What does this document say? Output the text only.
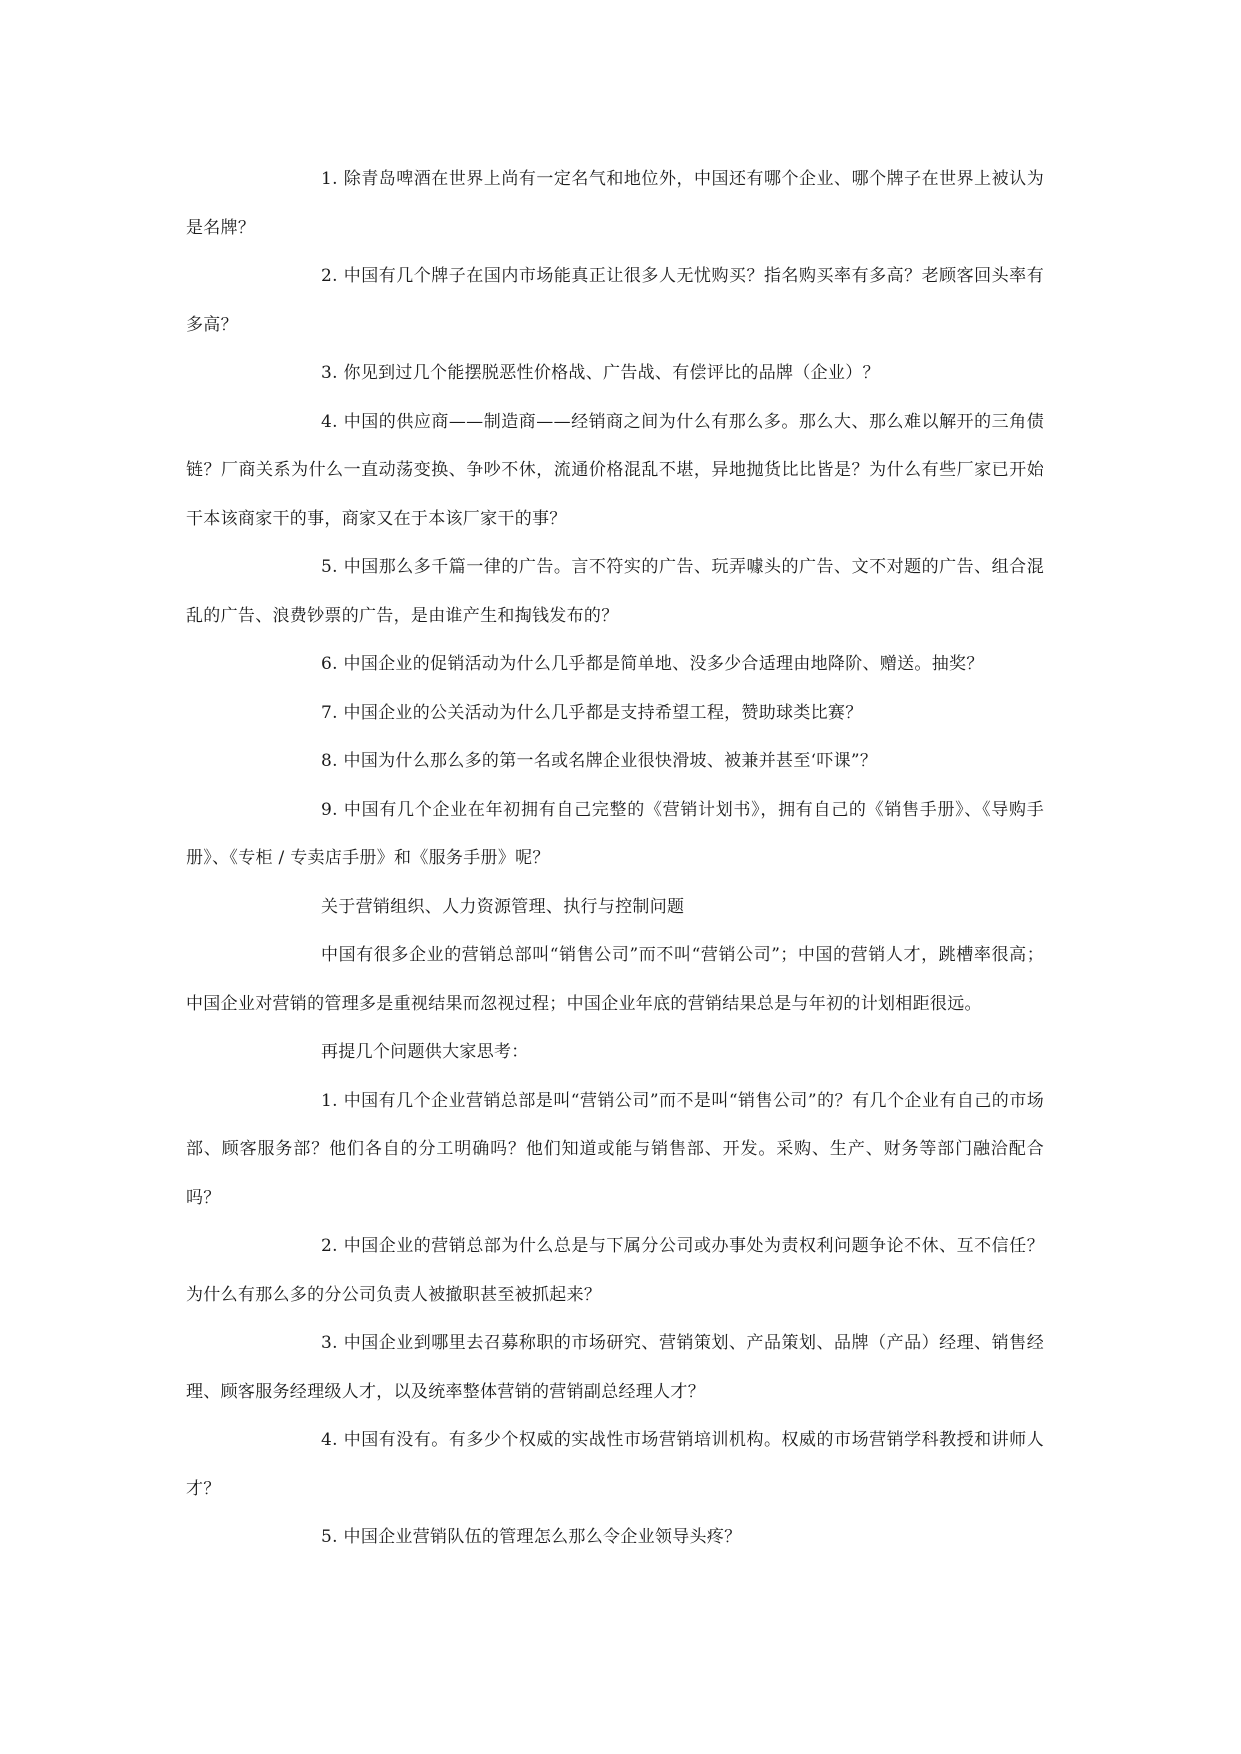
1. 除青岛啤酒在世界上尚有一定名气和地位外，中国还有哪个企业、哪个牌子在世界上被认为是名牌？

2. 中国有几个牌子在国内市场能真正让很多人无忧购买？指名购买率有多高？老顾客回头率有多高？

3. 你见到过几个能摆脱恶性价格战、广告战、有偿评比的品牌（企业）？

4. 中国的供应商——制造商——经销商之间为什么有那么多。那么大、那么难以解开的三角债链？厂商关系为什么一直动荡变换、争吵不休，流通价格混乱不堪，异地抛货比比皆是？为什么有些厂家已开始干本该商家干的事，商家又在于本该厂家干的事？

5. 中国那么多千篇一律的广告。言不符实的广告、玩弄噱头的广告、文不对题的广告、组合混乱的广告、浪费钞票的广告，是由谁产生和掏钱发布的？

6. 中国企业的促销活动为什么几乎都是简单地、没多少合适理由地降阶、赠送。抽奖？

7. 中国企业的公关活动为什么几乎都是支持希望工程，赞助球类比赛？

8. 中国为什么那么多的第一名或名牌企业很快滑坡、被兼并甚至‘吓课”？

9. 中国有几个企业在年初拥有自己完整的《营销计划书》，拥有自己的《销售手册》、《导购手册》、《专柜 / 专卖店手册》和《服务手册》呢？

关于营销组织、人力资源管理、执行与控制问题

中国有很多企业的营销总部叫“销售公司”而不叫“营销公司”；中国的营销人才，跳槽率很高；中国企业对营销的管理多是重视结果而忽视过程；中国企业年底的营销结果总是与年初的计划相距很远。

再提几个问题供大家思考：

1. 中国有几个企业营销总部是叫“营销公司”而不是叫“销售公司”的？有几个企业有自己的市场部、顾客服务部？他们各自的分工明确吗？他们知道或能与销售部、开发。采购、生产、财务等部门融洽配合吗？

2. 中国企业的营销总部为什么总是与下属分公司或办事处为责权利问题争论不休、互不信任？为什么有那么多的分公司负责人被撤职甚至被抓起来？

3. 中国企业到哪里去召募称职的市场研究、营销策划、产品策划、品牌（产品）经理、销售经理、顾客服务经理级人才，以及统率整体营销的营销副总经理人才？

4. 中国有没有。有多少个权威的实战性市场营销培训机构。权威的市场营销学科教授和讲师人才？

5. 中国企业营销队伍的管理怎么那么令企业领导头疼？
